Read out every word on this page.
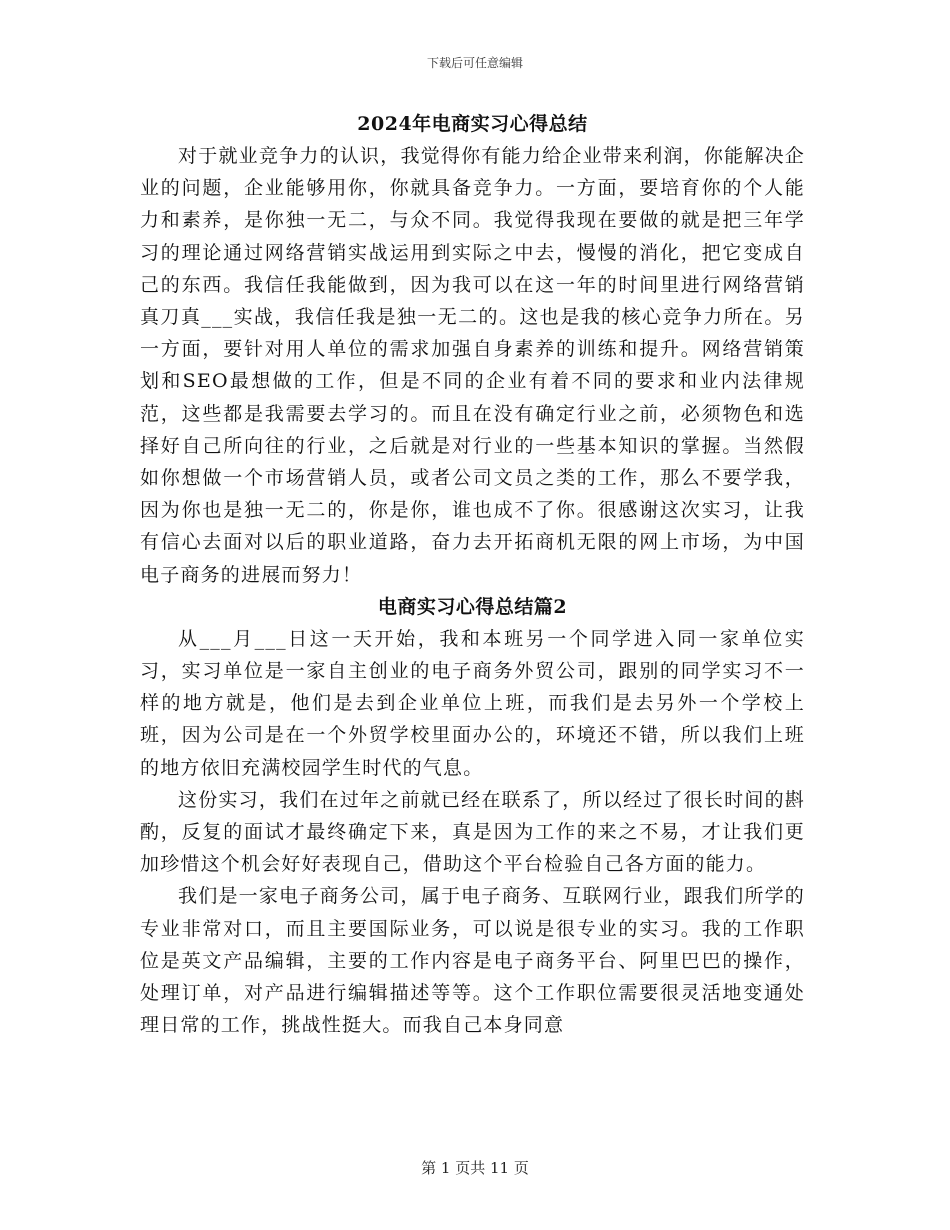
下载后可任意编辑
2024年电商实习心得总结

对于就业竞争力的认识，我觉得你有能力给企业带来利润，你能解决企业的问题，企业能够用你，你就具备竞争力。一方面，要培育你的个人能力和素养，是你独一无二，与众不同。我觉得我现在要做的就是把三年学习的理论通过网络营销实战运用到实际之中去，慢慢的消化，把它变成自己的东西。我信任我能做到，因为我可以在这一年的时间里进行网络营销真刀真___实战，我信任我是独一无二的。这也是我的核心竞争力所在。另一方面，要针对用人单位的需求加强自身素养的训练和提升。网络营销策划和SEO最想做的工作，但是不同的企业有着不同的要求和业内法律规范，这些都是我需要去学习的。而且在没有确定行业之前，必须物色和选择好自己所向往的行业，之后就是对行业的一些基本知识的掌握。当然假如你想做一个市场营销人员，或者公司文员之类的工作，那么不要学我，因为你也是独一无二的，你是你，谁也成不了你。很感谢这次实习，让我有信心去面对以后的职业道路，奋力去开拓商机无限的网上市场，为中国电子商务的进展而努力！

电商实习心得总结篇2

从___月___日这一天开始，我和本班另一个同学进入同一家单位实习，实习单位是一家自主创业的电子商务外贸公司，跟别的同学实习不一样的地方就是，他们是去到企业单位上班，而我们是去另外一个学校上班，因为公司是在一个外贸学校里面办公的，环境还不错，所以我们上班的地方依旧充满校园学生时代的气息。

这份实习，我们在过年之前就已经在联系了，所以经过了很长时间的斟酌，反复的面试才最终确定下来，真是因为工作的来之不易，才让我们更加珍惜这个机会好好表现自己，借助这个平台检验自己各方面的能力。

我们是一家电子商务公司，属于电子商务、互联网行业，跟我们所学的专业非常对口，而且主要国际业务，可以说是很专业的实习。我的工作职位是英文产品编辑，主要的工作内容是电子商务平台、阿里巴巴的操作，处理订单，对产品进行编辑描述等等。这个工作职位需要很灵活地变通处理日常的工作，挑战性挺大。而我自己本身同意

第 1 页共 11 页
